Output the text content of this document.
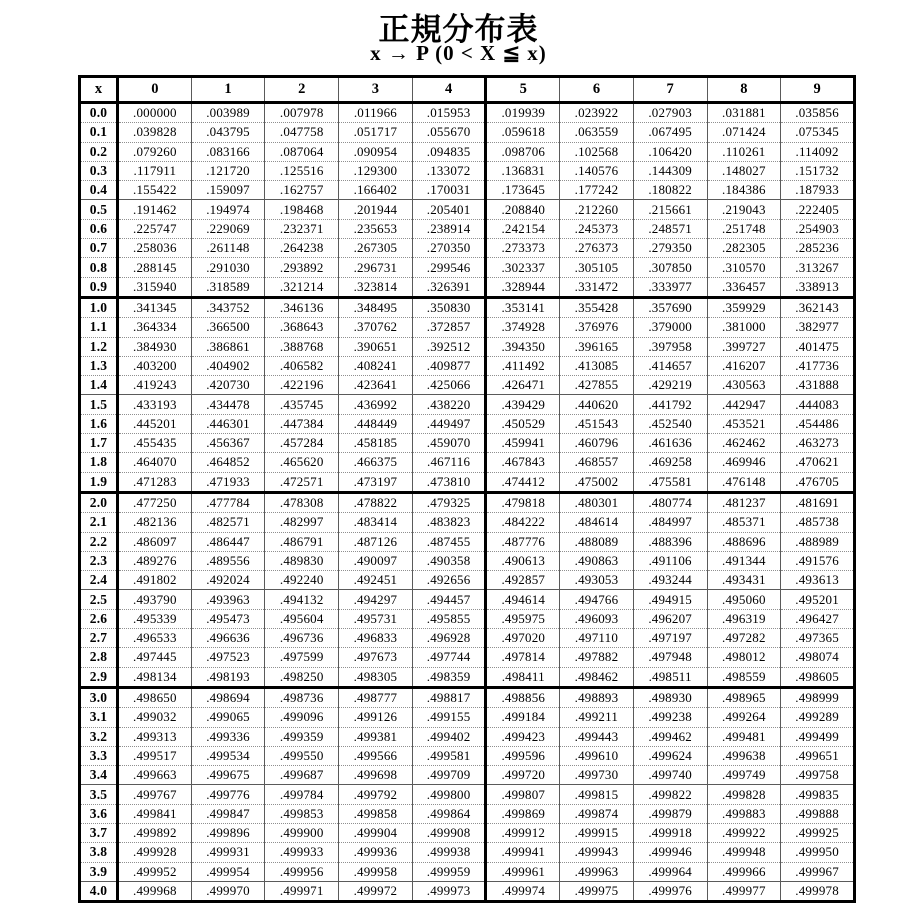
正規分布表
x → P (0 < X ≦ x)
x	0	1	2	3	4	5	6	7	8	9
0.0	.000000	.003989	.007978	.011966	.015953	.019939	.023922	.027903	.031881	.035856
0.1	.039828	.043795	.047758	.051717	.055670	.059618	.063559	.067495	.071424	.075345
0.2	.079260	.083166	.087064	.090954	.094835	.098706	.102568	.106420	.110261	.114092
0.3	.117911	.121720	.125516	.129300	.133072	.136831	.140576	.144309	.148027	.151732
0.4	.155422	.159097	.162757	.166402	.170031	.173645	.177242	.180822	.184386	.187933
0.5	.191462	.194974	.198468	.201944	.205401	.208840	.212260	.215661	.219043	.222405
0.6	.225747	.229069	.232371	.235653	.238914	.242154	.245373	.248571	.251748	.254903
0.7	.258036	.261148	.264238	.267305	.270350	.273373	.276373	.279350	.282305	.285236
0.8	.288145	.291030	.293892	.296731	.299546	.302337	.305105	.307850	.310570	.313267
0.9	.315940	.318589	.321214	.323814	.326391	.328944	.331472	.333977	.336457	.338913
1.0	.341345	.343752	.346136	.348495	.350830	.353141	.355428	.357690	.359929	.362143
1.1	.364334	.366500	.368643	.370762	.372857	.374928	.376976	.379000	.381000	.382977
1.2	.384930	.386861	.388768	.390651	.392512	.394350	.396165	.397958	.399727	.401475
1.3	.403200	.404902	.406582	.408241	.409877	.411492	.413085	.414657	.416207	.417736
1.4	.419243	.420730	.422196	.423641	.425066	.426471	.427855	.429219	.430563	.431888
1.5	.433193	.434478	.435745	.436992	.438220	.439429	.440620	.441792	.442947	.444083
1.6	.445201	.446301	.447384	.448449	.449497	.450529	.451543	.452540	.453521	.454486
1.7	.455435	.456367	.457284	.458185	.459070	.459941	.460796	.461636	.462462	.463273
1.8	.464070	.464852	.465620	.466375	.467116	.467843	.468557	.469258	.469946	.470621
1.9	.471283	.471933	.472571	.473197	.473810	.474412	.475002	.475581	.476148	.476705
2.0	.477250	.477784	.478308	.478822	.479325	.479818	.480301	.480774	.481237	.481691
2.1	.482136	.482571	.482997	.483414	.483823	.484222	.484614	.484997	.485371	.485738
2.2	.486097	.486447	.486791	.487126	.487455	.487776	.488089	.488396	.488696	.488989
2.3	.489276	.489556	.489830	.490097	.490358	.490613	.490863	.491106	.491344	.491576
2.4	.491802	.492024	.492240	.492451	.492656	.492857	.493053	.493244	.493431	.493613
2.5	.493790	.493963	.494132	.494297	.494457	.494614	.494766	.494915	.495060	.495201
2.6	.495339	.495473	.495604	.495731	.495855	.495975	.496093	.496207	.496319	.496427
2.7	.496533	.496636	.496736	.496833	.496928	.497020	.497110	.497197	.497282	.497365
2.8	.497445	.497523	.497599	.497673	.497744	.497814	.497882	.497948	.498012	.498074
2.9	.498134	.498193	.498250	.498305	.498359	.498411	.498462	.498511	.498559	.498605
3.0	.498650	.498694	.498736	.498777	.498817	.498856	.498893	.498930	.498965	.498999
3.1	.499032	.499065	.499096	.499126	.499155	.499184	.499211	.499238	.499264	.499289
3.2	.499313	.499336	.499359	.499381	.499402	.499423	.499443	.499462	.499481	.499499
3.3	.499517	.499534	.499550	.499566	.499581	.499596	.499610	.499624	.499638	.499651
3.4	.499663	.499675	.499687	.499698	.499709	.499720	.499730	.499740	.499749	.499758
3.5	.499767	.499776	.499784	.499792	.499800	.499807	.499815	.499822	.499828	.499835
3.6	.499841	.499847	.499853	.499858	.499864	.499869	.499874	.499879	.499883	.499888
3.7	.499892	.499896	.499900	.499904	.499908	.499912	.499915	.499918	.499922	.499925
3.8	.499928	.499931	.499933	.499936	.499938	.499941	.499943	.499946	.499948	.499950
3.9	.499952	.499954	.499956	.499958	.499959	.499961	.499963	.499964	.499966	.499967
4.0	.499968	.499970	.499971	.499972	.499973	.499974	.499975	.499976	.499977	.499978
